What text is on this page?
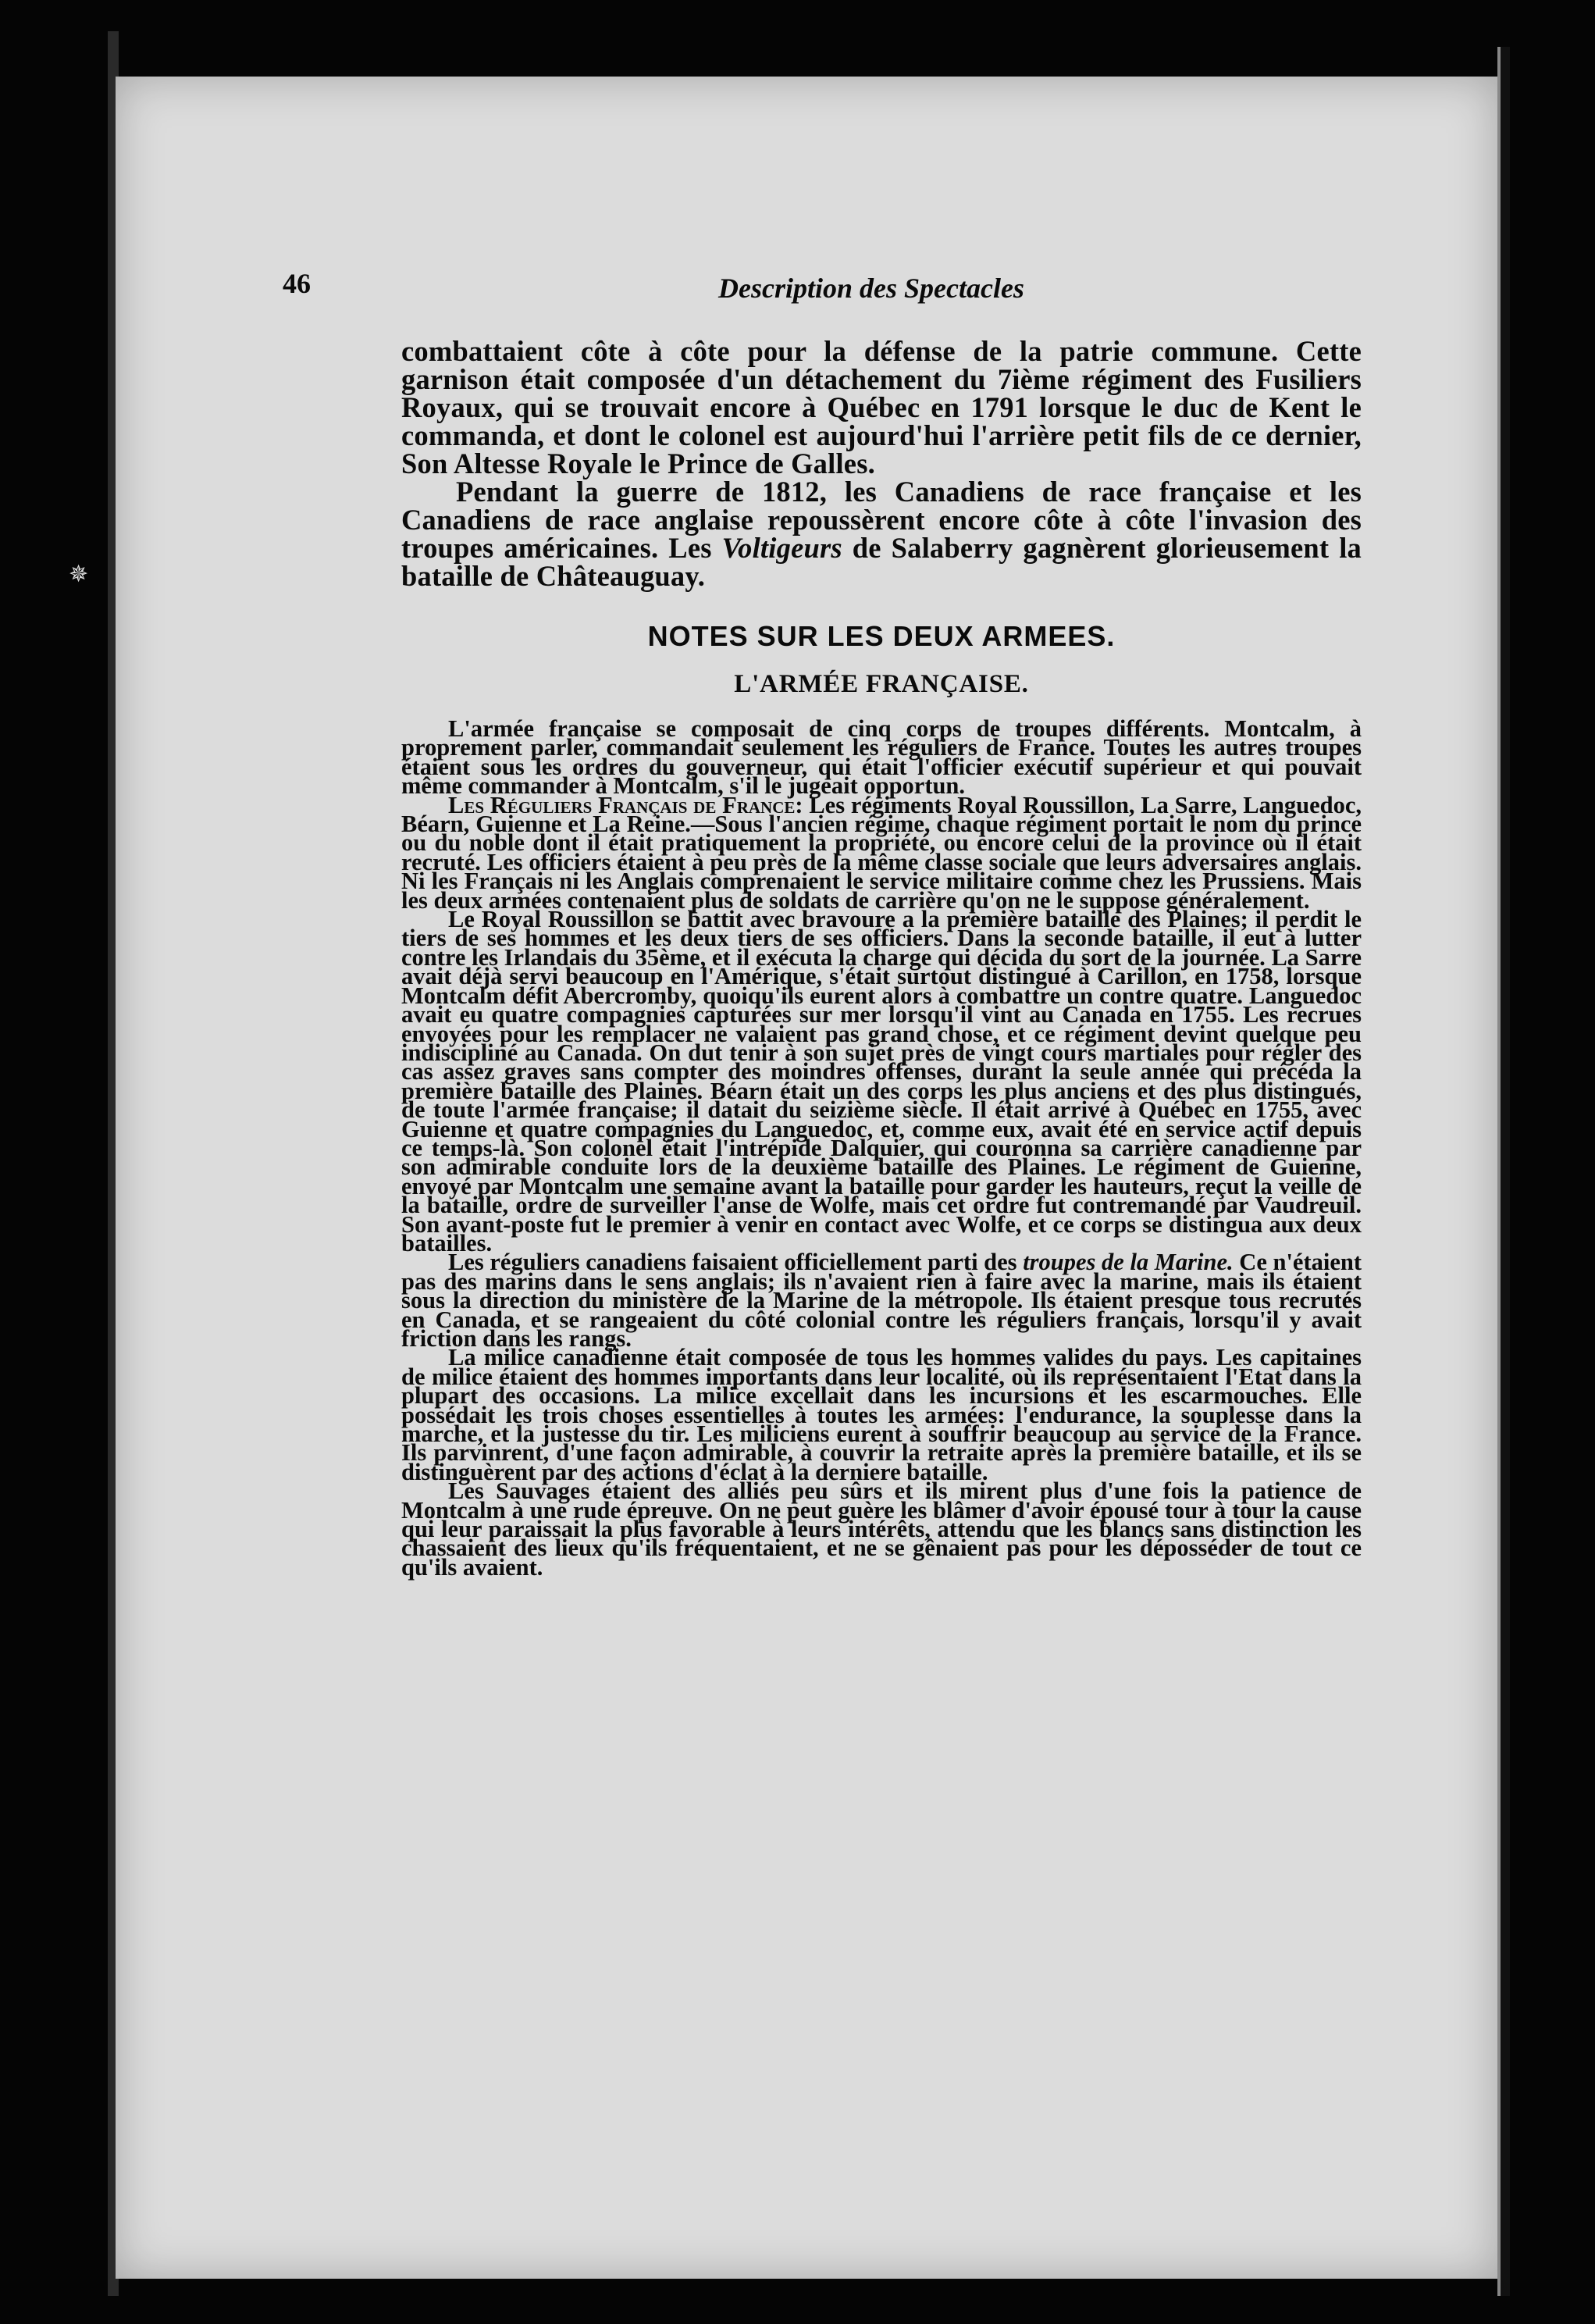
✵
46	Description des Spectacles

combattaient côte à côte pour la défense de la patrie commune. Cette garnison était composée d'un détachement du 7ième régiment des Fusiliers Royaux, qui se trouvait encore à Québec en 1791 lorsque le duc de Kent le commanda, et dont le colonel est aujourd'hui l'arrière petit fils de ce dernier, Son Altesse Royale le Prince de Galles.

Pendant la guerre de 1812, les Canadiens de race française et les Canadiens de race anglaise repoussèrent encore côte à côte l'invasion des troupes américaines. Les Voltigeurs de Salaberry gagnèrent glorieusement la bataille de Châteauguay.

NOTES SUR LES DEUX ARMEES.
L'ARMÉE FRANÇAISE.

L'armée française se composait de cinq corps de troupes différents. Montcalm, à proprement parler, commandait seulement les réguliers de France. Toutes les autres troupes étaient sous les ordres du gouverneur, qui était l'officier exécutif supérieur et qui pouvait même commander à Montcalm, s'il le jugeait opportun.

Les Réguliers Français de France: Les régiments Royal Roussillon, La Sarre, Languedoc, Béarn, Guienne et La Reine.—Sous l'ancien régime, chaque régiment portait le nom du prince ou du noble dont il était pratiquement la propriété, ou encore celui de la province où il était recruté. Les officiers étaient à peu près de la même classe sociale que leurs adversaires anglais. Ni les Français ni les Anglais comprenaient le service militaire comme chez les Prussiens. Mais les deux armées contenaient plus de soldats de carrière qu'on ne le suppose généralement.

Le Royal Roussillon se battit avec bravoure a la première bataille des Plaines; il perdit le tiers de ses hommes et les deux tiers de ses officiers. Dans la seconde bataille, il eut à lutter contre les Irlandais du 35ème, et il exécuta la charge qui décida du sort de la journée. La Sarre avait déjà servi beaucoup en l'Amérique, s'était surtout distingué à Carillon, en 1758, lorsque Montcalm défit Abercromby, quoiqu'ils eurent alors à combattre un contre quatre. Languedoc avait eu quatre compagnies capturées sur mer lorsqu'il vint au Canada en 1755. Les recrues envoyées pour les remplacer ne valaient pas grand chose, et ce régiment devint quelque peu indiscipliné au Canada. On dut tenir à son sujet près de vingt cours martiales pour régler des cas assez graves sans compter des moindres offenses, durant la seule année qui précéda la première bataille des Plaines. Béarn était un des corps les plus anciens et des plus distingués, de toute l'armée française; il datait du seizième siècle. Il était arrivé à Québec en 1755, avec Guienne et quatre compagnies du Languedoc, et, comme eux, avait été en service actif depuis ce temps-là. Son colonel était l'intrépide Dalquier, qui couronna sa carrière canadienne par son admirable conduite lors de la deuxième bataille des Plaines. Le régiment de Guienne, envoyé par Montcalm une semaine avant la bataille pour garder les hauteurs, reçut la veille de la bataille, ordre de surveiller l'anse de Wolfe, mais cet ordre fut contremandé par Vaudreuil. Son avant-poste fut le premier à venir en contact avec Wolfe, et ce corps se distingua aux deux batailles.

Les réguliers canadiens faisaient officiellement parti des troupes de la Marine. Ce n'étaient pas des marins dans le sens anglais; ils n'avaient rien à faire avec la marine, mais ils étaient sous la direction du ministère de la Marine de la métropole. Ils étaient presque tous recrutés en Canada, et se rangeaient du côté colonial contre les réguliers français, lorsqu'il y avait friction dans les rangs.

La milice canadienne était composée de tous les hommes valides du pays. Les capitaines de milice étaient des hommes importants dans leur localité, où ils représentaient l'Etat dans la plupart des occasions. La milice excellait dans les incursions et les escarmouches. Elle possédait les trois choses essentielles à toutes les armées: l'endurance, la souplesse dans la marche, et la justesse du tir. Les miliciens eurent à souffrir beaucoup au service de la France. Ils parvinrent, d'une façon admirable, à couvrir la retraite après la première bataille, et ils se distinguèrent par des actions d'éclat à la derniere bataille.

Les Sauvages étaient des alliés peu sûrs et ils mirent plus d'une fois la patience de Montcalm à une rude épreuve. On ne peut guère les blâmer d'avoir épousé tour à tour la cause qui leur paraissait la plus favorable à leurs intérêts, attendu que les blancs sans distinction les chassaient des lieux qu'ils fréquentaient, et ne se gênaient pas pour les déposséder de tout ce qu'ils avaient.
